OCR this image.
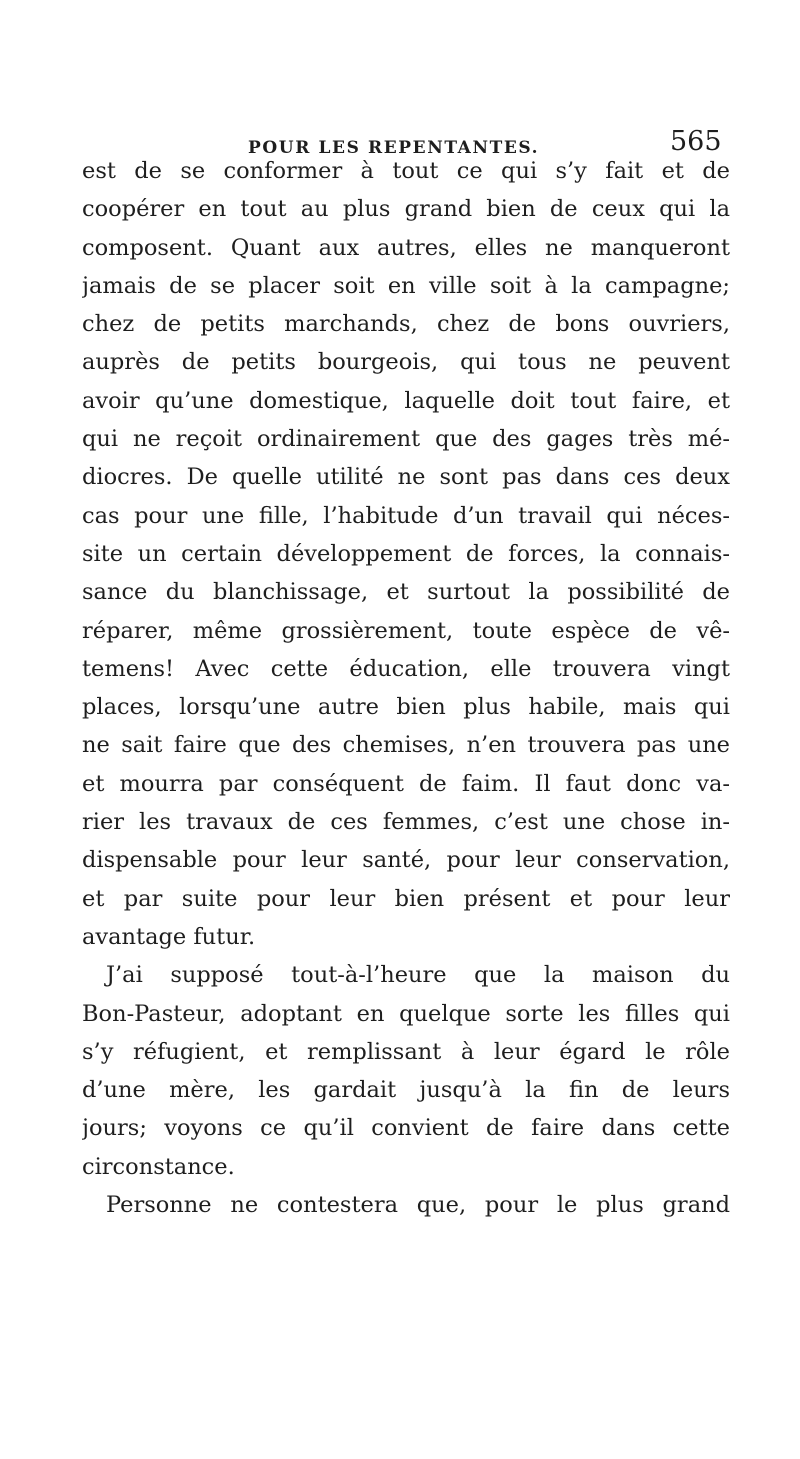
POUR LES REPENTANTES.	565
est de se conformer à tout ce qui s’y fait et de
coopérer en tout au plus grand bien de ceux qui la
composent. Quant aux autres, elles ne manqueront
jamais de se placer soit en ville soit à la campagne;
chez de petits marchands, chez de bons ouvriers,
auprès de petits bourgeois, qui tous ne peuvent
avoir qu’une domestique, laquelle doit tout faire, et
qui ne reçoit ordinairement que des gages très mé-
diocres. De quelle utilité ne sont pas dans ces deux
cas pour une fille, l’habitude d’un travail qui néces-
site un certain développement de forces, la connais-
sance du blanchissage, et surtout la possibilité de
réparer, même grossièrement, toute espèce de vê-
temens! Avec cette éducation, elle trouvera vingt
places, lorsqu’une autre bien plus habile, mais qui
ne sait faire que des chemises, n’en trouvera pas une
et mourra par conséquent de faim. Il faut donc va-
rier les travaux de ces femmes, c’est une chose in-
dispensable pour leur santé, pour leur conservation,
et par suite pour leur bien présent et pour leur
avantage futur.
J’ai supposé tout-à-l’heure que la maison du
Bon-Pasteur, adoptant en quelque sorte les filles qui
s’y réfugient, et remplissant à leur égard le rôle
d’une mère, les gardait jusqu’à la fin de leurs
jours; voyons ce qu’il convient de faire dans cette
circonstance.
Personne ne contestera que, pour le plus grand
